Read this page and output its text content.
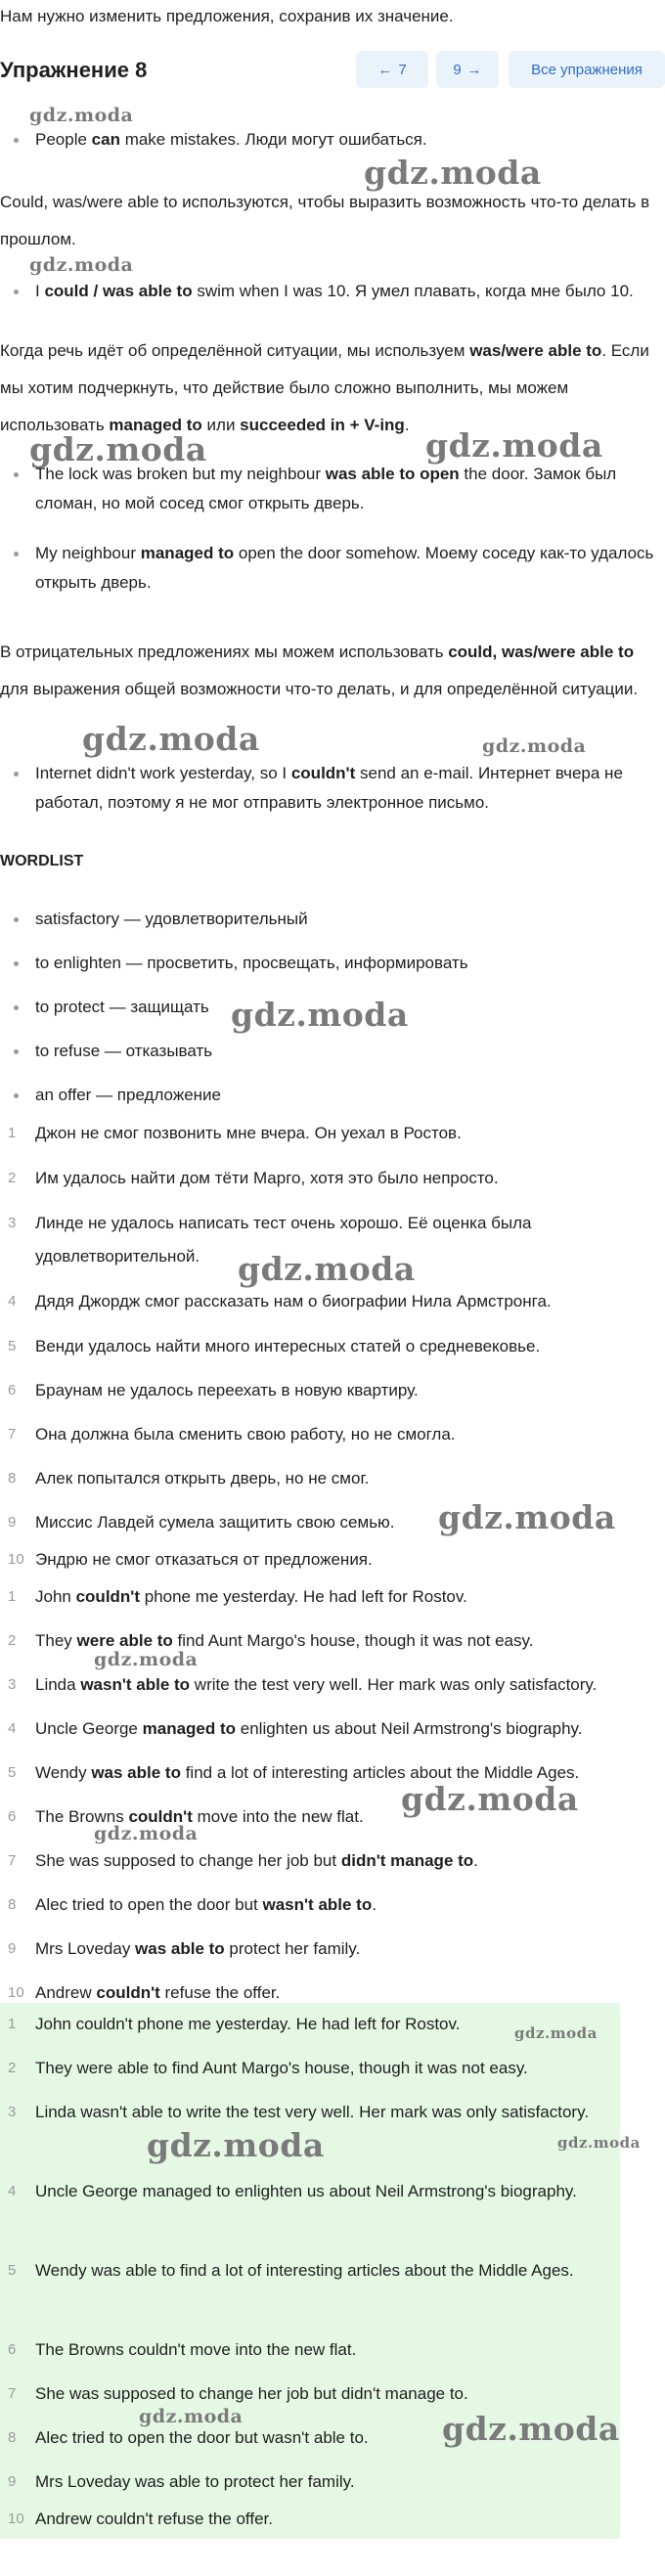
Нам нужно изменить предложения, сохранив их значение.

Упражнение 8	← 7	9 →	Все упражнения
gdz.moda
gdz.moda
gdz.moda
gdz.moda	gdz.moda
gdz.moda	gdz.moda
gdz.moda
gdz.moda
gdz.moda
gdz.moda
gdz.moda
gdz.moda
People can make mistakes. Люди могут ошибаться.

Could, was/were able to используются, чтобы выразить возможность что-то делать в прошлом.

I could / was able to swim when I was 10. Я умел плавать, когда мне было 10.

Когда речь идёт об определённой ситуации, мы используем was/were able to. Если мы хотим подчеркнуть, что действие было сложно выполнить, мы можем использовать managed to или succeeded in + V-ing.

The lock was broken but my neighbour was able to open the door. Замок был сломан, но мой сосед смог открыть дверь.
My neighbour managed to open the door somehow. Моему соседу как-то удалось открыть дверь.

В отрицательных предложениях мы можем использовать could, was/were able to для выражения общей возможности что-то делать, и для определённой ситуации.

Internet didn't work yesterday, so I couldn't send an e-mail. Интернет вчера не работал, поэтому я не мог отправить электронное письмо.

WORDLIST

satisfactory — удовлетворительный
to enlighten — просветить, просвещать, информировать
to protect — защищать
to refuse — отказывать
an offer — предложение
1	Джон не смог позвонить мне вчера. Он уехал в Ростов.
2	Им удалось найти дом тёти Марго, хотя это было непросто.
3	Линде не удалось написать тест очень хорошо. Её оценка была удовлетворительной.
4	Дядя Джордж смог рассказать нам о биографии Нила Армстронга.
5	Венди удалось найти много интересных статей о средневековье.
6	Браунам не удалось переехать в новую квартиру.
7	Она должна была сменить свою работу, но не смогла.
8	Алек попытался открыть дверь, но не смог.
9	Миссис Лавдей сумела защитить свою семью.
10 Эндрю не смог отказаться от предложения.
1	John couldn't phone me yesterday. He had left for Rostov.
2	They were able to find Aunt Margo's house, though it was not easy.
3	Linda wasn't able to write the test very well. Her mark was only satisfactory.
4	Uncle George managed to enlighten us about Neil Armstrong's biography.
5	Wendy was able to find a lot of interesting articles about the Middle Ages.
6	The Browns couldn't move into the new flat.
7	She was supposed to change her job but didn't manage to.
8	Alec tried to open the door but wasn't able to.
9	Mrs Loveday was able to protect her family.
10 Andrew couldn't refuse the offer.
gdz.moda
gdz.moda	gdz.moda
gdz.moda	gdz.moda
1 John couldn't phone me yesterday. He had left for Rostov.
2 They were able to find Aunt Margo's house, though it was not easy.
3 Linda wasn't able to write the test very well. Her mark was only satisfactory.
4 Uncle George managed to enlighten us about Neil Armstrong's biography.
5 Wendy was able to find a lot of interesting articles about the Middle Ages.
6 The Browns couldn't move into the new flat.
7 She was supposed to change her job but didn't manage to.
8 Alec tried to open the door but wasn't able to.
9 Mrs Loveday was able to protect her family.
10 Andrew couldn't refuse the offer.
